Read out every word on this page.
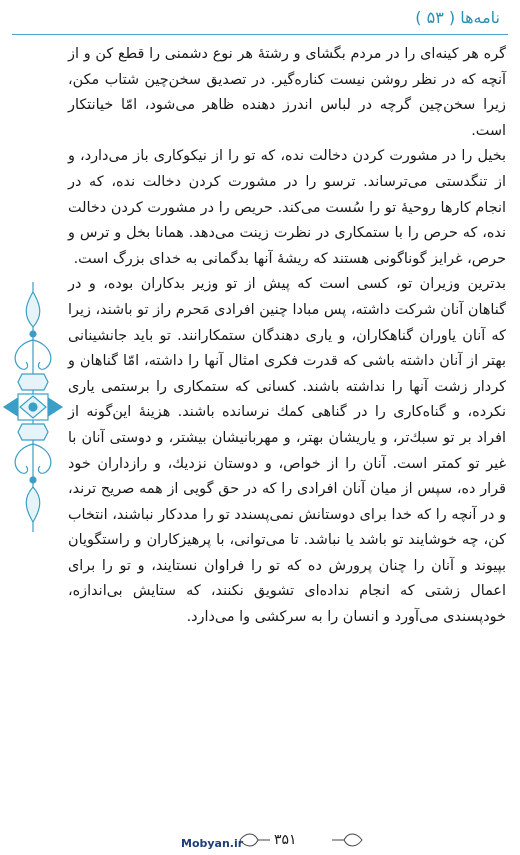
نامه‌ها ( ۵۳ )

گره هر کینه‌ای را در مردم بگشای و رشتۀ هر نوع دشمنی را قطع کن و از آنچه که در نظر روشن نیست کناره‌گیر. در تصدیق سخن‌چین شتاب مکن، زیرا سخن‌چین گرچه در لباس اندرز دهنده ظاهر می‌شود، امّا خیانتکار است.

بخیل را در مشورت کردن دخالت نده، که تو را از نیکوکاری باز می‌دارد، و از تنگدستی می‌ترساند. ترسو را در مشورت کردن دخالت نده، که در انجام کارها روحیۀ تو را سُست می‌کند. حریص را در مشورت کردن دخالت نده، که حرص را با ستمکاری در نظرت زینت می‌دهد. همانا بخل و ترس و حرص، غرایز گوناگونی هستند که ریشۀ آنها بدگمانی به خدای بزرگ است.

بدترین وزیران تو، کسی است که پیش از تو وزیر بدکاران بوده، و در گناهان آنان شرکت داشته، پس مبادا چنین افرادی مَحرم راز تو باشند، زیرا که آنان یاوران گناهکاران، و یاری دهندگان ستمکارانند. تو باید جانشینانی بهتر از آنان داشته باشی که قدرت فکری امثال آنها را داشته، امّا گناهان و کردار زشت آنها را نداشته باشند. کسانی که ستمکاری را برستمی یاری نکرده، و گناه‌کاری را در گناهی کمك نرسانده باشند. هزینۀ این‌گونه از افراد بر تو سبك‌تر، و یاریشان بهتر، و مهربانیشان بیشتر، و دوستی آنان با غیر تو کمتر است. آنان را از خواص، و دوستان نزدیك، و رازداران خود قرار ده، سپس از میان آنان افرادی را که در حق گویی از همه صریح ترند، و در آنچه را که خدا برای دوستانش نمی‌پسندد تو را مددکار نباشند، انتخاب کن، چه خوشایند تو باشد یا نباشد. تا می‌توانی، با پرهیزکاران و راستگویان بپیوند و آنان را چنان پرورش ده که تو را فراوان نستایند، و تو را برای اعمال زشتی که انجام نداده‌ای تشویق نکنند، که ستایش بی‌اندازه، خودپسندی می‌آورد و انسان را به سرکشی وا می‌دارد.

Mobyan.ir ۳۵۱
